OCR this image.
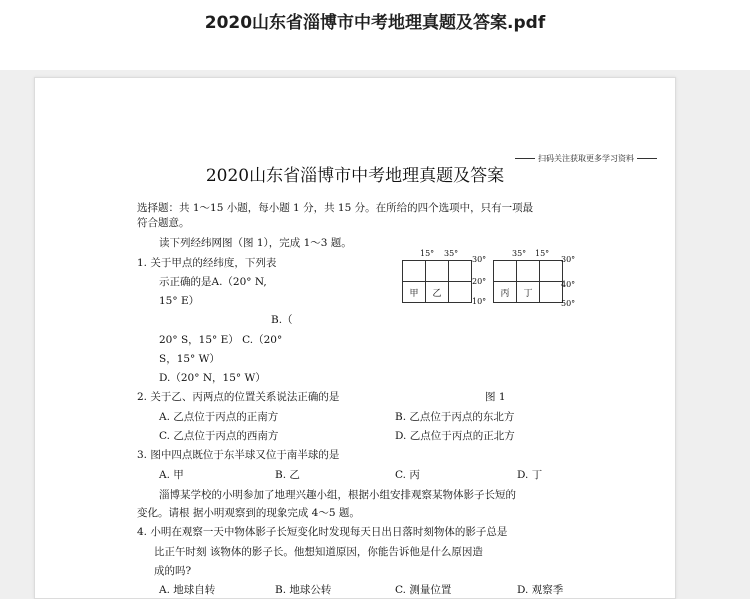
2020山东省淄博市中考地理真题及答案.pdf
扫码关注获取更多学习资料
2020山东省淄博市中考地理真题及答案
选择题：共 1～15 小题，每小题 1 分，共 15 分。在所给的四个选项中，只有一项最
符合题意。
读下列经纬网图（图 1），完成 1～3 题。
1. 关于甲点的经纬度，下列表
示正确的是A.（20° N,
15° E）
B.（
20° S，15° E） C.（20°
S，15° W）
D.（20° N，15° W）
15° 35°

甲	乙	
30°
20°
10°
35° 15°

丙	丁	
30°
40°
50°
图 1
2. 关于乙、丙两点的位置关系说法正确的是
A. 乙点位于丙点的正南方	B. 乙点位于丙点的东北方
C. 乙点位于丙点的西南方	D. 乙点位于丙点的正北方
3. 图中四点既位于东半球又位于南半球的是
A. 甲	B. 乙	C. 丙	D. 丁
淄博某学校的小明参加了地理兴趣小组，根据小组安排观察某物体影子长短的
变化。请根 据小明观察到的现象完成 4～5 题。
4. 小明在观察一天中物体影子长短变化时发现每天日出日落时刻物体的影子总是
比正午时刻 该物体的影子长。他想知道原因，你能告诉他是什么原因造
成的吗?
A. 地球自转	B. 地球公转	C. 测量位置	D. 观察季
